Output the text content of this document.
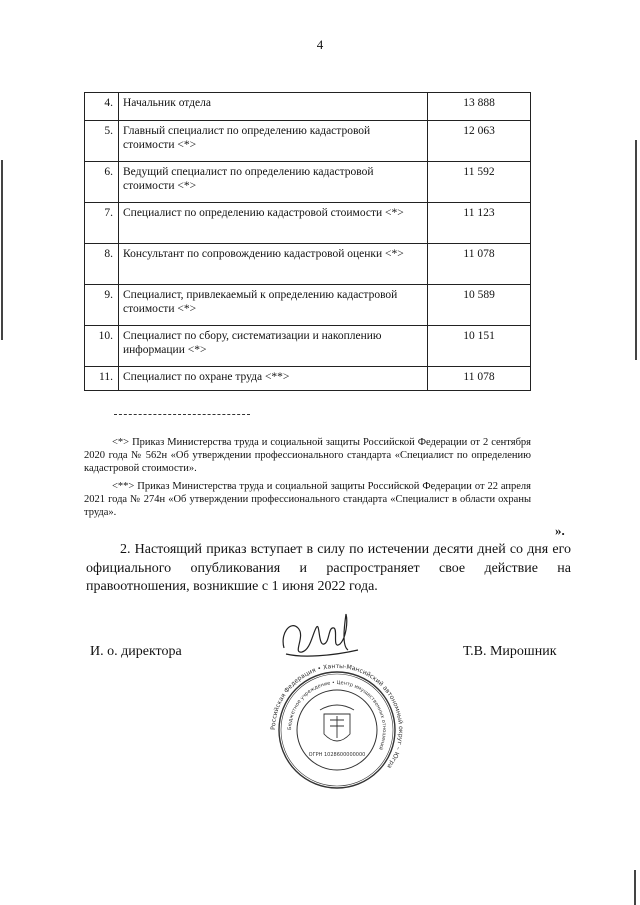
4
4.	Начальник отдела	13 888
5.	Главный специалист по определению кадастровой стоимости <*>	12 063
6.	Ведущий специалист по определению кадастровой стоимости <*>	11 592
7.	Специалист по определению кадастровой стоимости <*>	11 123
8.	Консультант по сопровождению кадастровой оценки <*>	11 078
9.	Специалист, привлекаемый к определению кадастровой стоимости <*>	10 589
10.	Специалист по сбору, систематизации и накоплению информации <*>	10 151
11.	Специалист по охране труда <**>	11 078
<*> Приказ Министерства труда и социальной защиты Российской Федерации от 2 сентября 2020 года № 562н «Об утверждении профессионального стандарта «Специалист по определению кадастровой стоимости».
<**> Приказ Министерства труда и социальной защиты Российской Федерации от 22 апреля 2021 года № 274н «Об утверждении профессионального стандарта «Специалист в области охраны труда».
».
2. Настоящий приказ вступает в силу по истечении десяти дней со дня его официального опубликования и распространяет свое действие на правоотношения, возникшие с 1 июня 2022 года.
И. о. директора	Т.В. Мирошник
Российская Федерация • Ханты-Мансийский автономный округ – Югра
Бюджетное учреждение • Центр имущественных отношений
ОГРН 1028600000000
